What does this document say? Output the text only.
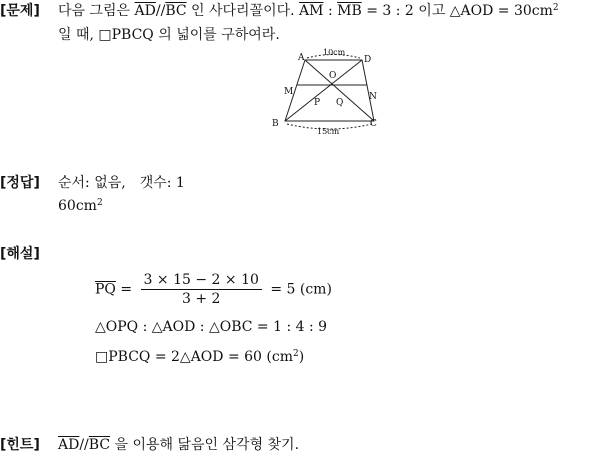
[문제] 다음 그림은 $\overline{AD}//\overline{BC}$ 인 사다리꼴이다. $\overline{AM}$ : $\overline{MB} = 3$ : 2 이고 △AOD = $30cm^2$
일 때, □PBCQ 의 넓이를 구하여라.
A	D
M
O
N
P Q
B	C
10cm
15cm
[정답] 순서: 없음, 갯수: 1
$60cm^2$
[해설]
$\overline{PQ} = \frac{3 \times 15 - 2 \times 10}{3 + 2} = 5$ (cm)
△OPQ : △AOD : △OBC = 1 : 4 : 9
□PBCQ = 2△AOD = 60 $(cm^2)$
[힌트] $\overline{AD}//\overline{BC}$ 을 이용해 닮음인 삼각형 찾기.
